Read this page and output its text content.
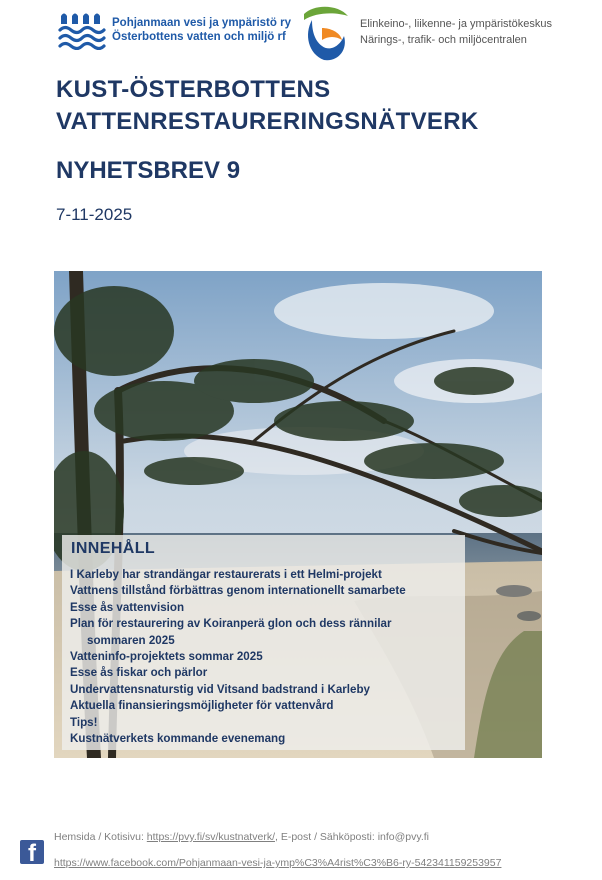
Pohjanmaan vesi ja ympäristö ry
Österbottens vatten och miljö rf
Elinkeino-, liikenne- ja ympäristökeskus
Närings-, trafik- och miljöcentralen
KUST-ÖSTERBOTTENS
VATTENRESTAURERINGSNÄTVERK
NYHETSBREV 9
7-11-2025
INNEHÅLL
I Karleby har strandängar restaurerats i ett Helmi-projekt
Vattnens tillstånd förbättras genom internationellt samarbete
Esse ås vattenvision
Plan för restaurering av Koiranperä glon och dess rännilar
sommaren 2025
Vatteninfo-projektets sommar 2025
Esse ås fiskar och pärlor
Undervattensnaturstig vid Vitsand badstrand i Karleby
Aktuella finansieringsmöjligheter för vattenvård
Tips!
Kustnätverkets kommande evenemang
f
Hemsida / Kotisivu: https://pvy.fi/sv/kustnatverk/, E-post / Sähköposti: info@pvy.fi
https://www.facebook.com/Pohjanmaan-vesi-ja-ymp%C3%A4rist%C3%B6-ry-542341159253957
